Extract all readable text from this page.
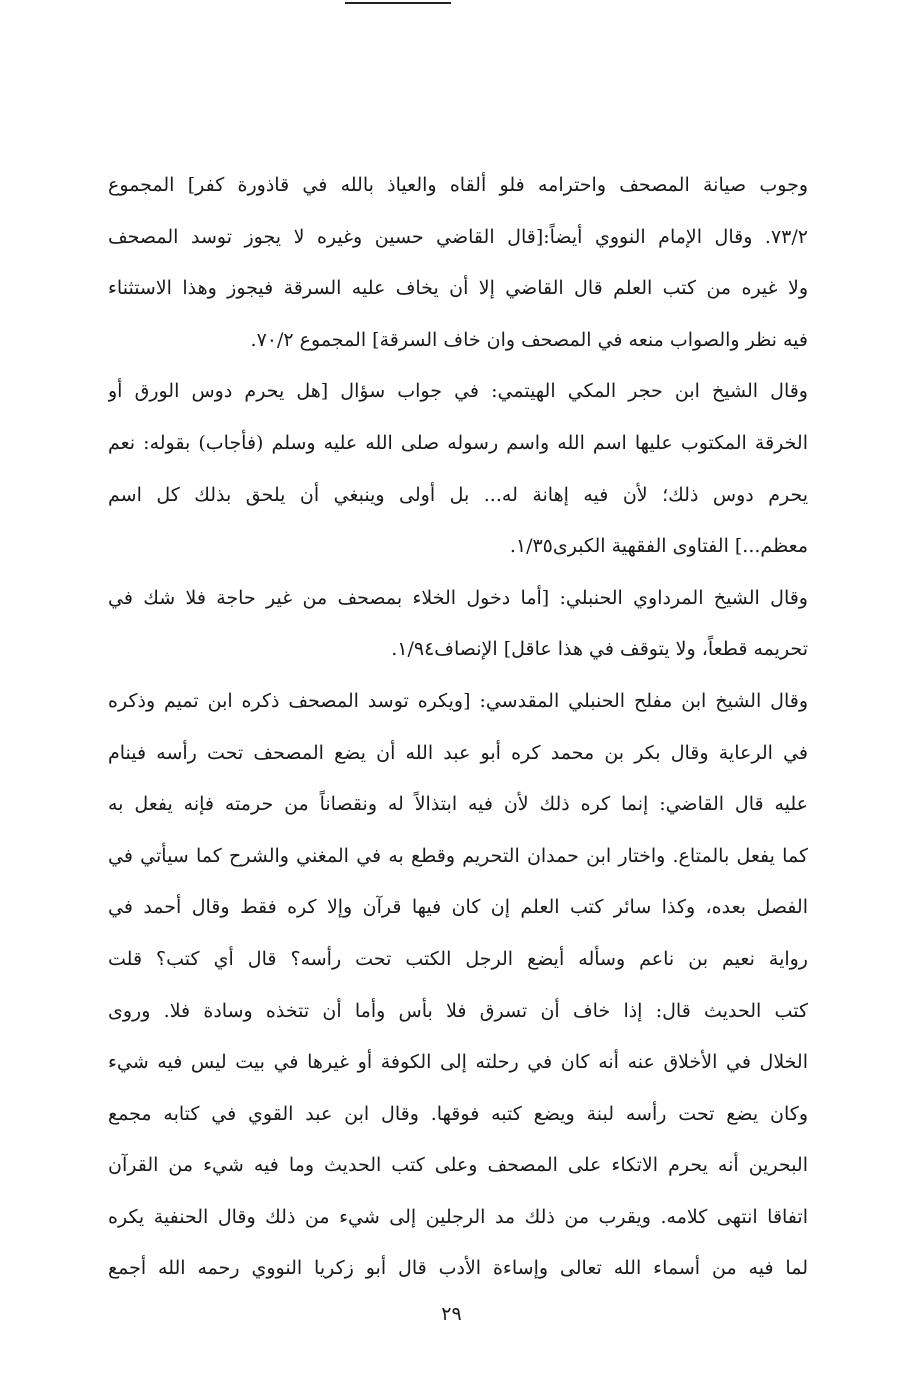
وجوب صيانة المصحف واحترامه فلو ألقاه والعياذ بالله في قاذورة كفر] المجموع
٧٣/٢. وقال الإمام النووي أيضاً:[قال القاضي حسين وغيره لا يجوز توسد المصحف
ولا غيره من كتب العلم قال القاضي إلا أن يخاف عليه السرقة فيجوز وهذا الاستثناء
فيه نظر والصواب منعه في المصحف وان خاف السرقة] المجموع ٧٠/٢.
وقال الشيخ ابن حجر المكي الهيتمي: في جواب سؤال [هل يحرم دوس الورق أو
الخرقة المكتوب عليها اسم الله واسم رسوله صلى الله عليه وسلم (فأجاب) بقوله: نعم
يحرم دوس ذلك؛ لأن فيه إهانة له... بل أولى وينبغي أن يلحق بذلك كل اسم
معظم...] الفتاوى الفقهية الكبرى١/٣٥.
وقال الشيخ المرداوي الحنبلي: [أما دخول الخلاء بمصحف من غير حاجة فلا شك في
تحريمه قطعاً، ولا يتوقف في هذا عاقل] الإنصاف١/٩٤.
وقال الشيخ ابن مفلح الحنبلي المقدسي: [ويكره توسد المصحف ذكره ابن تميم وذكره
في الرعاية وقال بكر بن محمد كره أبو عبد الله أن يضع المصحف تحت رأسه فينام
عليه قال القاضي: إنما كره ذلك لأن فيه ابتذالاً له ونقصاناً من حرمته فإنه يفعل به
كما يفعل بالمتاع. واختار ابن حمدان التحريم وقطع به في المغني والشرح كما سيأتي في
الفصل بعده، وكذا سائر كتب العلم إن كان فيها قرآن وإلا كره فقط وقال أحمد في
رواية نعيم بن ناعم وسأله أيضع الرجل الكتب تحت رأسه؟ قال أي كتب؟ قلت
كتب الحديث قال: إذا خاف أن تسرق فلا بأس وأما أن تتخذه وسادة فلا. وروى
الخلال في الأخلاق عنه أنه كان في رحلته إلى الكوفة أو غيرها في بيت ليس فيه شيء
وكان يضع تحت رأسه لبنة ويضع كتبه فوقها. وقال ابن عبد القوي في كتابه مجمع
البحرين أنه يحرم الاتكاء على المصحف وعلى كتب الحديث وما فيه شيء من القرآن
اتفاقا انتهى كلامه. ويقرب من ذلك مد الرجلين إلى شيء من ذلك وقال الحنفية يكره
لما فيه من أسماء الله تعالى وإساءة الأدب قال أبو زكريا النووي رحمه الله أجمع
٢٩
